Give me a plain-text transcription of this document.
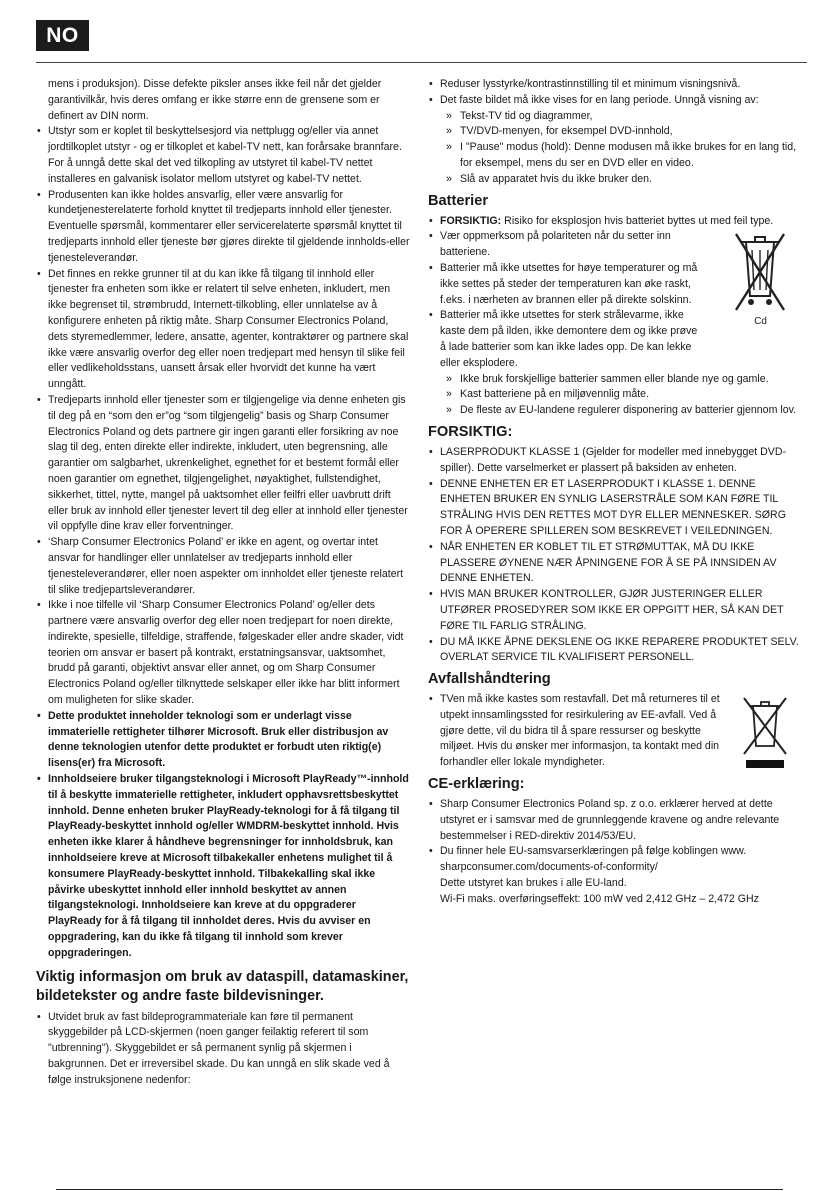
NO
mens i produksjon). Disse defekte piksler anses ikke feil når det gjelder garantivilkår, hvis deres omfang er ikke større enn de grensene som er definert av DIN norm.
• Utstyr som er koplet til beskyttelsesjord via nettplugg og/eller via annet jordtilkoplet utstyr - og er tilkoplet et kabel-TV nett, kan forårsake brannfare. For å unngå dette skal det ved tilkopling av utstyret til kabel-TV nettet installeres en galvanisk isolator mellom utstyret og kabel-TV nettet.
• Produsenten kan ikke holdes ansvarlig, eller være ansvarlig for kundetjenesterelaterte forhold knyttet til tredjeparts innhold eller tjenester. Eventuelle spørsmål, kommentarer eller servicerelaterte spørsmål knyttet til tredjeparts innhold eller tjeneste bør gjøres direkte til gjeldende innholds-eller tjenesteleverandør.
• Det finnes en rekke grunner til at du kan ikke få tilgang til innhold eller tjenester fra enheten som ikke er relatert til selve enheten, inkludert, men ikke begrenset til, strømbrudd, Internett-tilkobling, eller unnlatelse av å konfigurere enheten på riktig måte. Sharp Consumer Electronics Poland, dets styremedlemmer, ledere, ansatte, agenter, kontraktører og partnere skal ikke være ansvarlig overfor deg eller noen tredjepart med hensyn til slike feil eller vedlikeholdsstans, uansett årsak eller hvorvidt det kunne ha vært unngått.
• Tredjeparts innhold eller tjenester som er tilgjengelige via denne enheten gis til deg på en “som den er”og “som tilgjengelig” basis og Sharp Consumer Electronics Poland og dets partnere gir ingen garanti eller forsikring av noe slag til deg, enten direkte eller indirekte, inkludert, uten begrensning, alle garantier om salgbarhet, ukrenkelighet, egnethet for et bestemt formål eller noen garantier om egnethet, tilgjengelighet, nøyaktighet, fullstendighet, sikkerhet, tittel, nytte, mangel på uaktsomhet eller feilfri eller uavbrutt drift eller bruk av innhold eller tjenester levert til deg eller at innhold eller tjenester vil oppfylle dine krav eller forventninger.
• ‘Sharp Consumer Electronics Poland’ er ikke en agent, og overtar intet ansvar for handlinger eller unnlatelser av tredjeparts innhold eller tjenesteleverandører, eller noen aspekter om innholdet eller tjeneste relatert til slike tredjepartsleverandører.
• Ikke i noe tilfelle vil ‘Sharp Consumer Electronics Poland’ og/eller dets partnere være ansvarlig overfor deg eller noen tredjepart for noen direkte, indirekte, spesielle, tilfeldige, straffende, følgeskader eller andre skader, vidt teorien om ansvar er basert på kontrakt, erstatningsansvar, uaktsomhet, brudd på garanti, objektivt ansvar eller annet, og om Sharp Consumer Electronics Poland og/eller tilknyttede selskaper eller ikke har blitt informert om muligheten for slike skader.
• Dette produktet inneholder teknologi som er underlagt visse immaterielle rettigheter tilhører Microsoft. Bruk eller distribusjon av denne teknologien utenfor dette produktet er forbudt uten riktig(e) lisens(er) fra Microsoft.
• Innholdseiere bruker tilgangsteknologi i Microsoft PlayReady™-innhold til å beskytte immaterielle rettigheter, inkludert opphavsrettsbeskyttet innhold. Denne enheten bruker PlayReady-teknologi for å få tilgang til PlayReady-beskyttet innhold og/eller WMDRM-beskyttet innhold. Hvis enheten ikke klarer å håndheve begrensninger for innholdsbruk, kan innholdseiere kreve at Microsoft tilbakekaller enhetens mulighet til å konsumere PlayReady-beskyttet innhold. Tilbakekalling skal ikke påvirke ubeskyttet innhold eller innhold beskyttet av annen tilgangsteknologi. Innholdseiere kan kreve at du oppgraderer PlayReady for å få tilgang til innholdet deres. Hvis du avviser en oppgradering, kan du ikke få tilgang til innhold som krever oppgraderingen.
Viktig informasjon om bruk av dataspill, datamaskiner, bildetekster og andre faste bildevisninger.
• Utvidet bruk av fast bildeprogrammateriale kan føre til permanent skyggebilder på LCD-skjermen (noen ganger feilaktig referert til som "utbrenning"). Skyggebildet er så permanent synlig på skjermen i bakgrunnen. Det er irreversibel skade. Du kan unngå en slik skade ved å følge instruksjonene nedenfor:
• Reduser lysstyrke/kontrastinnstilling til et minimum visningsnivå.
• Det faste bildet må ikke vises for en lang periode. Unngå visning av:
» Tekst-TV tid og diagrammer,
» TV/DVD-menyen, for eksempel DVD-innhold,
» I "Pause" modus (hold): Denne modusen må ikke brukes for en lang tid, for eksempel, mens du ser en DVD eller en video.
» Slå av apparatet hvis du ikke bruker den.
Batterier
• FORSIKTIG: Risiko for eksplosjon hvis batteriet byttes ut med feil type.
• Vær oppmerksom på polariteten når du setter inn batteriene.
• Batterier må ikke utsettes for høye temperaturer og må ikke settes på steder der temperaturen kan øke raskt, f.eks. i nærheten av brannen eller på direkte solskinn.
• Batterier må ikke utsettes for sterk strålevarme, ikke kaste dem på ilden, ikke demontere dem og ikke prøve å lade batterier som kan ikke lades opp. De kan lekke eller eksplodere.
» Ikke bruk forskjellige batterier sammen eller blande nye og gamle.
» Kast batteriene på en miljøvennlig måte.
» De fleste av EU-landene regulerer disponering av batterier gjennom lov.
Cd
FORSIKTIG:
• LASERPRODUKT KLASSE 1 (Gjelder for modeller med innebygget DVD-spiller). Dette varselmerket er plassert på baksiden av enheten.
• DENNE ENHETEN ER ET LASERPRODUKT I KLASSE 1. DENNE ENHETEN BRUKER EN SYNLIG LASERSTRÅLE SOM KAN FØRE TIL STRÅLING HVIS DEN RETTES MOT DYR ELLER MENNESKER. SØRG FOR Å OPERERE SPILLEREN SOM BESKREVET I VEILEDNINGEN.
• NÅR ENHETEN ER KOBLET TIL ET STRØMUTTAK, MÅ DU IKKE PLASSERE ØYNENE NÆR ÅPNINGENE FOR Å SE PÅ INNSIDEN AV DENNE ENHETEN.
• HVIS MAN BRUKER KONTROLLER, GJØR JUSTERINGER ELLER UTFØRER PROSEDYRER SOM IKKE ER OPPGITT HER, SÅ KAN DET FØRE TIL FARLIG STRÅLING.
• DU MÅ IKKE ÅPNE DEKSLENE OG IKKE REPARERE PRODUKTET SELV. OVERLAT SERVICE TIL KVALIFISERT PERSONELL.
Avfallshåndtering
• TVen må ikke kastes som restavfall. Det må returneres til et utpekt innsamlingssted for resirkulering av EE-avfall. Ved å gjøre dette, vil du bidra til å spare ressurser og beskytte miljøet. Hvis du ønsker mer informasjon, ta kontakt med din forhandler eller lokale myndigheter.
CE-erklæring:
• Sharp Consumer Electronics Poland sp. z o.o. erklærer herved at dette utstyret er i samsvar med de grunnleggende kravene og andre relevante bestemmelser i RED-direktiv 2014/53/EU.
• Du finner hele EU-samsvarserklæringen på følge koblingen www.
sharpconsumer.com/documents-of-conformity/
Dette utstyret kan brukes i alle EU-land.
Wi-Fi maks. overføringseffekt: 100 mW ved 2,412 GHz – 2,472 GHz
